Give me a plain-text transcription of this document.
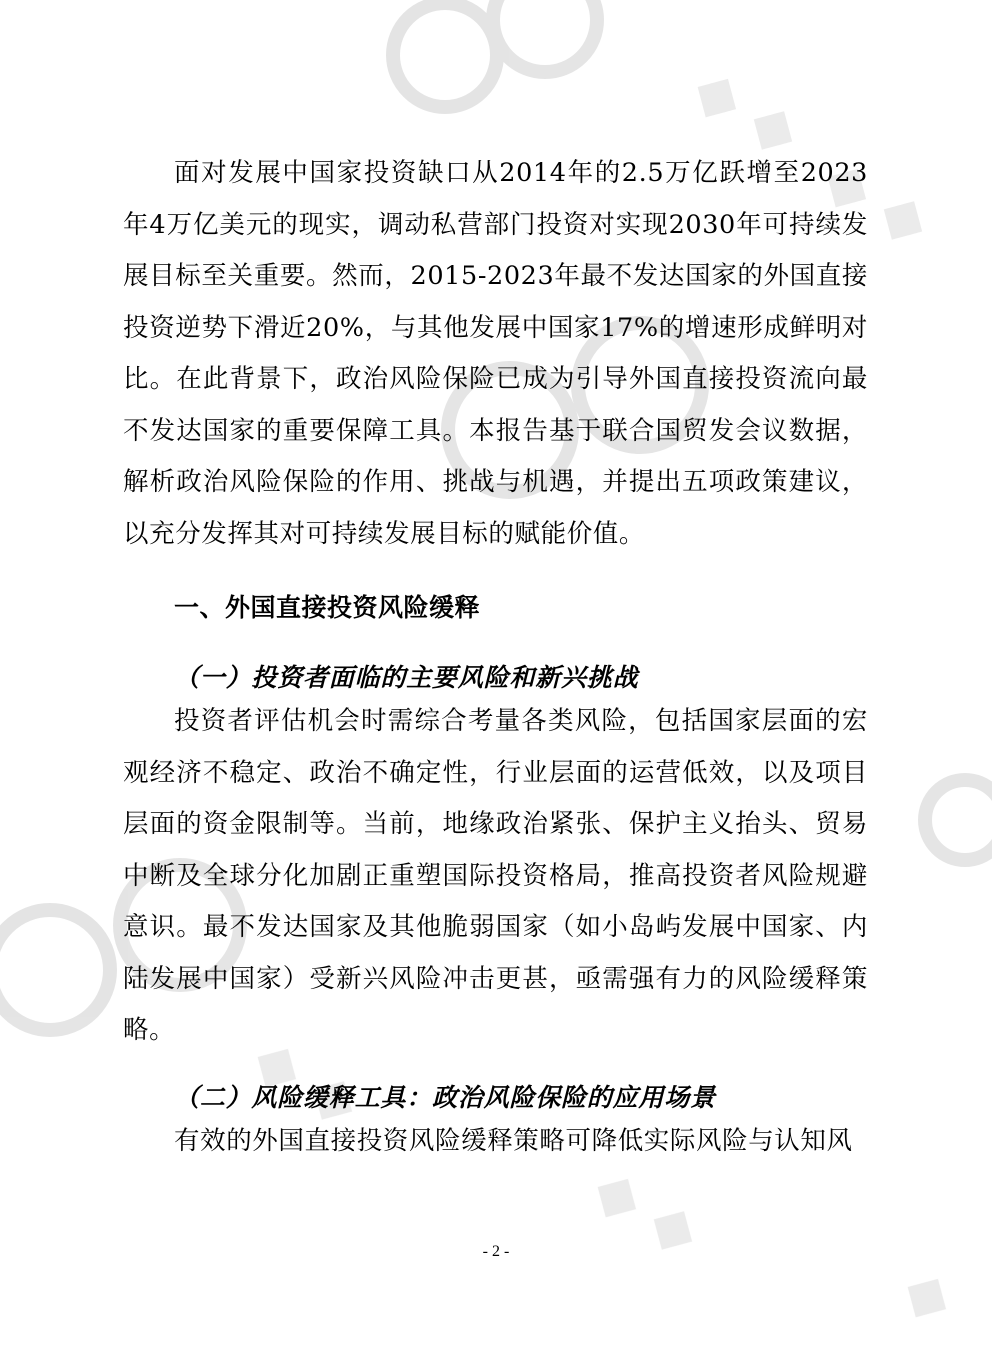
◆ ◆
◆ ◆
◆ ◆
◆ ◆
◆

面对发展中国家投资缺口从2014年的2.5万亿跃增至2023年4万亿美元的现实，调动私营部门投资对实现2030年可持续发展目标至关重要。然而，2015-2023年最不发达国家的外国直接投资逆势下滑近20%，与其他发展中国家17%的增速形成鲜明对比。在此背景下，政治风险保险已成为引导外国直接投资流向最不发达国家的重要保障工具。本报告基于联合国贸发会议数据，解析政治风险保险的作用、挑战与机遇，并提出五项政策建议，以充分发挥其对可持续发展目标的赋能价值。

一、外国直接投资风险缓释
（一）投资者面临的主要风险和新兴挑战

投资者评估机会时需综合考量各类风险，包括国家层面的宏观经济不稳定、政治不确定性，行业层面的运营低效，以及项目层面的资金限制等。当前，地缘政治紧张、保护主义抬头、贸易中断及全球分化加剧正重塑国际投资格局，推高投资者风险规避意识。最不发达国家及其他脆弱国家（如小岛屿发展中国家、内陆发展中国家）受新兴风险冲击更甚，亟需强有力的风险缓释策略。

（二）风险缓释工具：政治风险保险的应用场景

有效的外国直接投资风险缓释策略可降低实际风险与认知风

- 2 -
